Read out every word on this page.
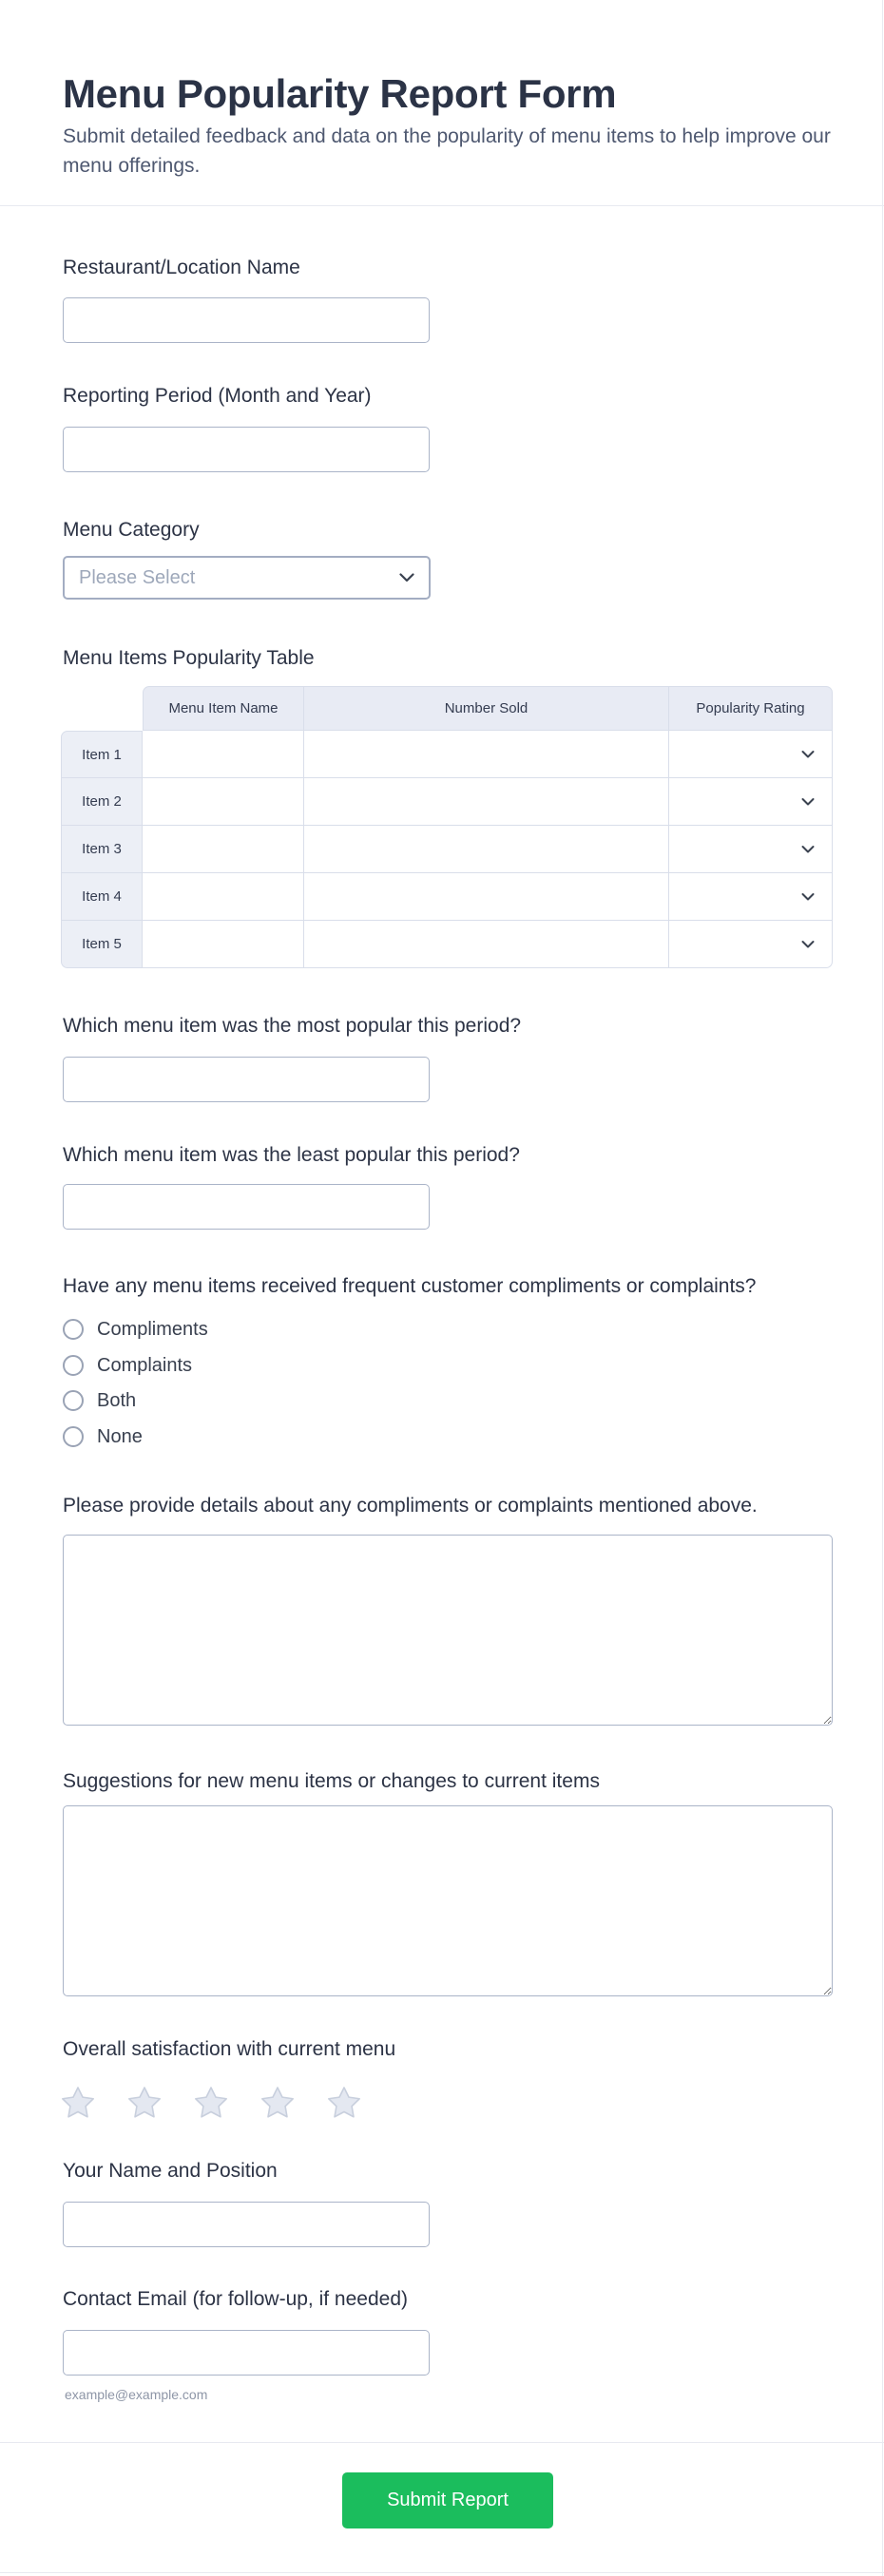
Menu Popularity Report Form

Submit detailed feedback and data on the popularity of menu items to help improve our menu offerings.

Restaurant/Location Name
Reporting Period (Month and Year)
Menu Category
Please Select
Menu Items Popularity Table
	Menu Item Name	Number Sold	Popularity Rating
Item 1			

Item 2			

Item 3			

Item 4			

Item 5			
Which menu item was the most popular this period?
Which menu item was the least popular this period?
Have any menu items received frequent customer compliments or complaints?
Compliments
Complaints
Both
None
Please provide details about any compliments or complaints mentioned above.
Suggestions for new menu items or changes to current items
Overall satisfaction with current menu
Your Name and Position
Contact Email (for follow-up, if needed)
example@example.com
Submit Report
